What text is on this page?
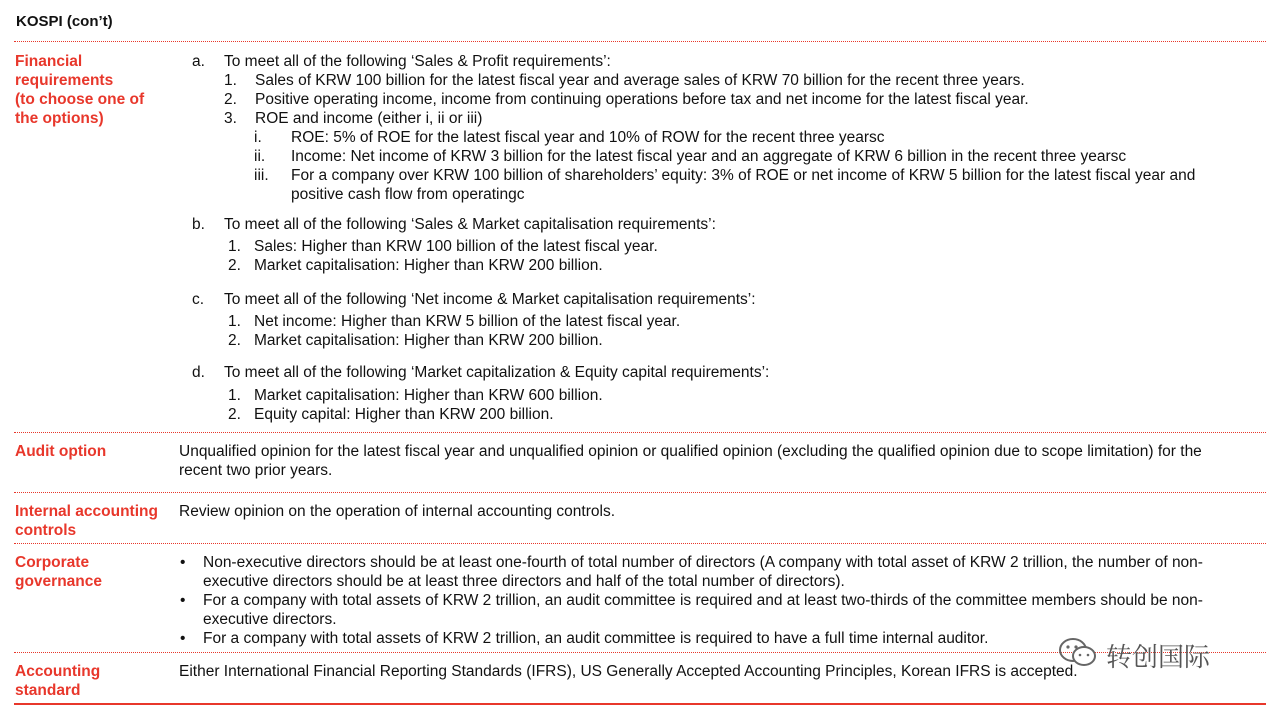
KOSPI (con’t)
Financial
requirements
(to choose one of
the options)
a. To meet all of the following ‘Sales & Profit requirements’:
1. Sales of KRW 100 billion for the latest fiscal year and average sales of KRW 70 billion for the recent three years.
2. Positive operating income, income from continuing operations before tax and net income for the latest fiscal year.
3. ROE and income (either i, ii or iii)
i. ROE: 5% of ROE for the latest fiscal year and 10% of ROW for the recent three yearsc
ii. Income: Net income of KRW 3 billion for the latest fiscal year and an aggregate of KRW 6 billion in the recent three yearsc
iii. For a company over KRW 100 billion of shareholders’ equity: 3% of ROE or net income of KRW 5 billion for the latest fiscal year and
positive cash flow from operatingc
b. To meet all of the following ‘Sales & Market capitalisation requirements’:
1. Sales: Higher than KRW 100 billion of the latest fiscal year.
2. Market capitalisation: Higher than KRW 200 billion.
c. To meet all of the following ‘Net income & Market capitalisation requirements’:
1. Net income: Higher than KRW 5 billion of the latest fiscal year.
2. Market capitalisation: Higher than KRW 200 billion.
d. To meet all of the following ‘Market capitalization & Equity capital requirements’:
1. Market capitalisation: Higher than KRW 600 billion.
2. Equity capital: Higher than KRW 200 billion.
Audit option	Unqualified opinion for the latest fiscal year and unqualified opinion or qualified opinion (excluding the qualified opinion due to scope limitation) for the
recent two prior years.
Internal accounting
controls
Review opinion on the operation of internal accounting controls.
Corporate
governance
• Non-executive directors should be at least one-fourth of total number of directors (A company with total asset of KRW 2 trillion, the number of non-
executive directors should be at least three directors and half of the total number of directors).
• For a company with total assets of KRW 2 trillion, an audit committee is required and at least two-thirds of the committee members should be non-
executive directors.
• For a company with total assets of KRW 2 trillion, an audit committee is required to have a full time internal auditor.
Accounting
standard
Either International Financial Reporting Standards (IFRS), US Generally Accepted Accounting Principles, Korean IFRS is accepted. 转创国际
